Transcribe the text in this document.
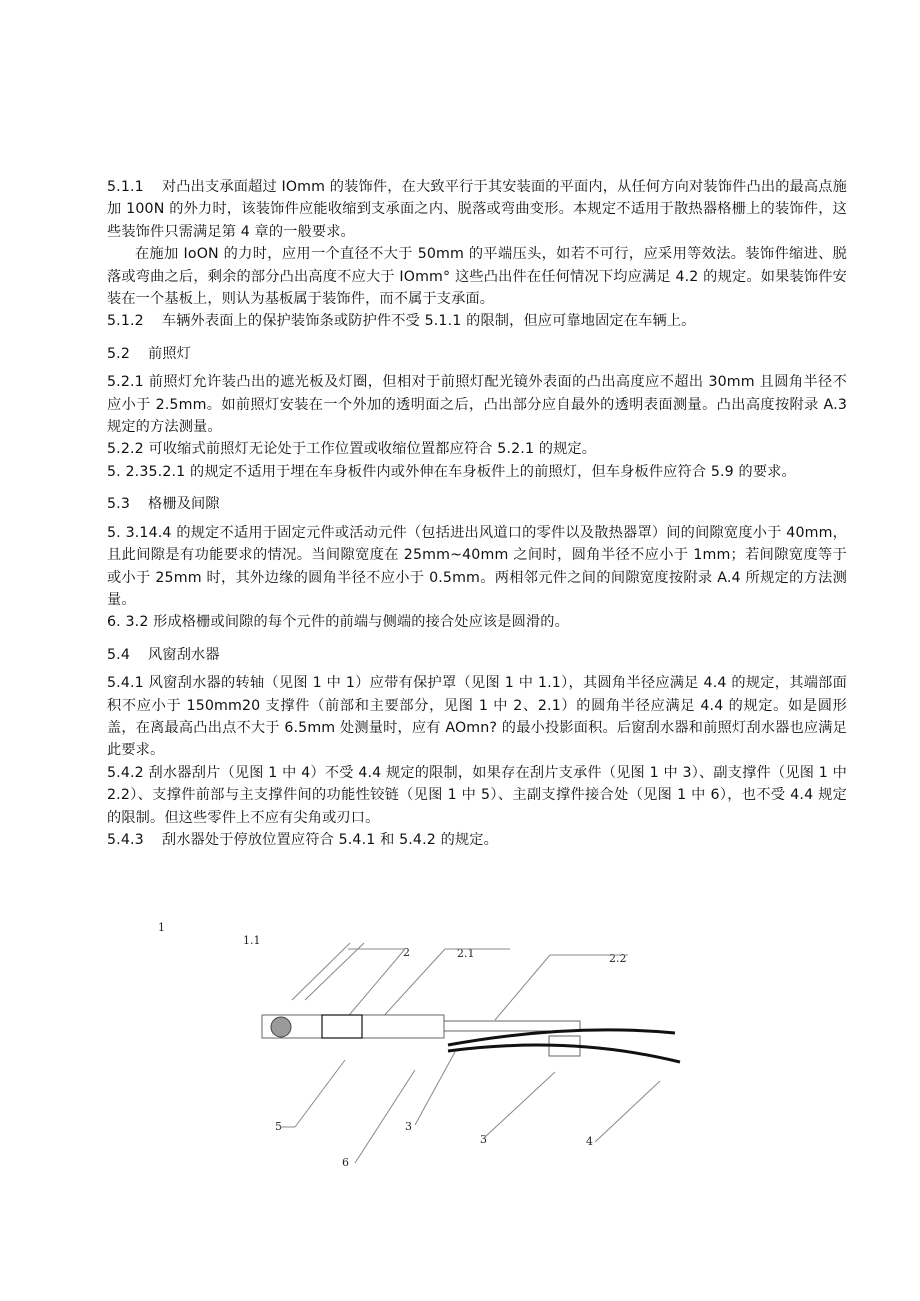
5.1.1 对凸出支承面超过 IOmm 的装饰件，在大致平行于其安装面的平面内，从任何方向对装饰件凸出的最高点施加 100N 的外力时，该装饰件应能收缩到支承面之内、脱落或弯曲变形。本规定不适用于散热器格栅上的装饰件，这些装饰件只需满足第 4 章的一般要求。

在施加 IoON 的力时，应用一个直径不大于 50mm 的平端压头，如若不可行，应采用等效法。装饰件缩进、脱落或弯曲之后，剩余的部分凸出高度不应大于 IOmm° 这些凸出件在任何情况下均应满足 4.2 的规定。如果装饰件安装在一个基板上，则认为基板属于装饰件，而不属于支承面。

5.1.2 车辆外表面上的保护装饰条或防护件不受 5.1.1 的限制，但应可靠地固定在车辆上。

5.2 前照灯

5.2.1 前照灯允许装凸出的遮光板及灯圈，但相对于前照灯配光镜外表面的凸出高度应不超出 30mm 且圆角半径不应小于 2.5mm。如前照灯安装在一个外加的透明面之后，凸出部分应自最外的透明表面测量。凸出高度按附录 A.3 规定的方法测量。

5.2.2 可收缩式前照灯无论处于工作位置或收缩位置都应符合 5.2.1 的规定。

5. 2.35.2.1 的规定不适用于埋在车身板件内或外伸在车身板件上的前照灯，但车身板件应符合 5.9 的要求。

5.3 格栅及间隙

5. 3.14.4 的规定不适用于固定元件或活动元件（包括进出风道口的零件以及散热器罩）间的间隙宽度小于 40mm，且此间隙是有功能要求的情况。当间隙宽度在 25mm~40mm 之间时，圆角半径不应小于 1mm；若间隙宽度等于或小于 25mm 时，其外边缘的圆角半径不应小于 0.5mm。两相邻元件之间的间隙宽度按附录 A.4 所规定的方法测量。

6. 3.2 形成格栅或间隙的每个元件的前端与侧端的接合处应该是圆滑的。

5.4 风窗刮水器

5.4.1 风窗刮水器的转轴（见图 1 中 1）应带有保护罩（见图 1 中 1.1），其圆角半径应满足 4.4 的规定，其端部面积不应小于 150mm20 支撑件（前部和主要部分，见图 1 中 2、2.1）的圆角半径应满足 4.4 的规定。如是圆形盖，在离最高凸出点不大于 6.5mm 处测量时，应有 AOmn? 的最小投影面积。后窗刮水器和前照灯刮水器也应满足此要求。

5.4.2 刮水器刮片（见图 1 中 4）不受 4.4 规定的限制，如果存在刮片支承件（见图 1 中 3）、副支撑件（见图 1 中 2.2）、支撑件前部与主支撑件间的功能性铰链（见图 1 中 5）、主副支撑件接合处（见图 1 中 6），也不受 4.4 规定的限制。但这些零件上不应有尖角或刃口。

5.4.3 刮水器处于停放位置应符合 5.4.1 和 5.4.2 的规定。

1
1.1
2	2.1	2.2
5	3
3	4
6
